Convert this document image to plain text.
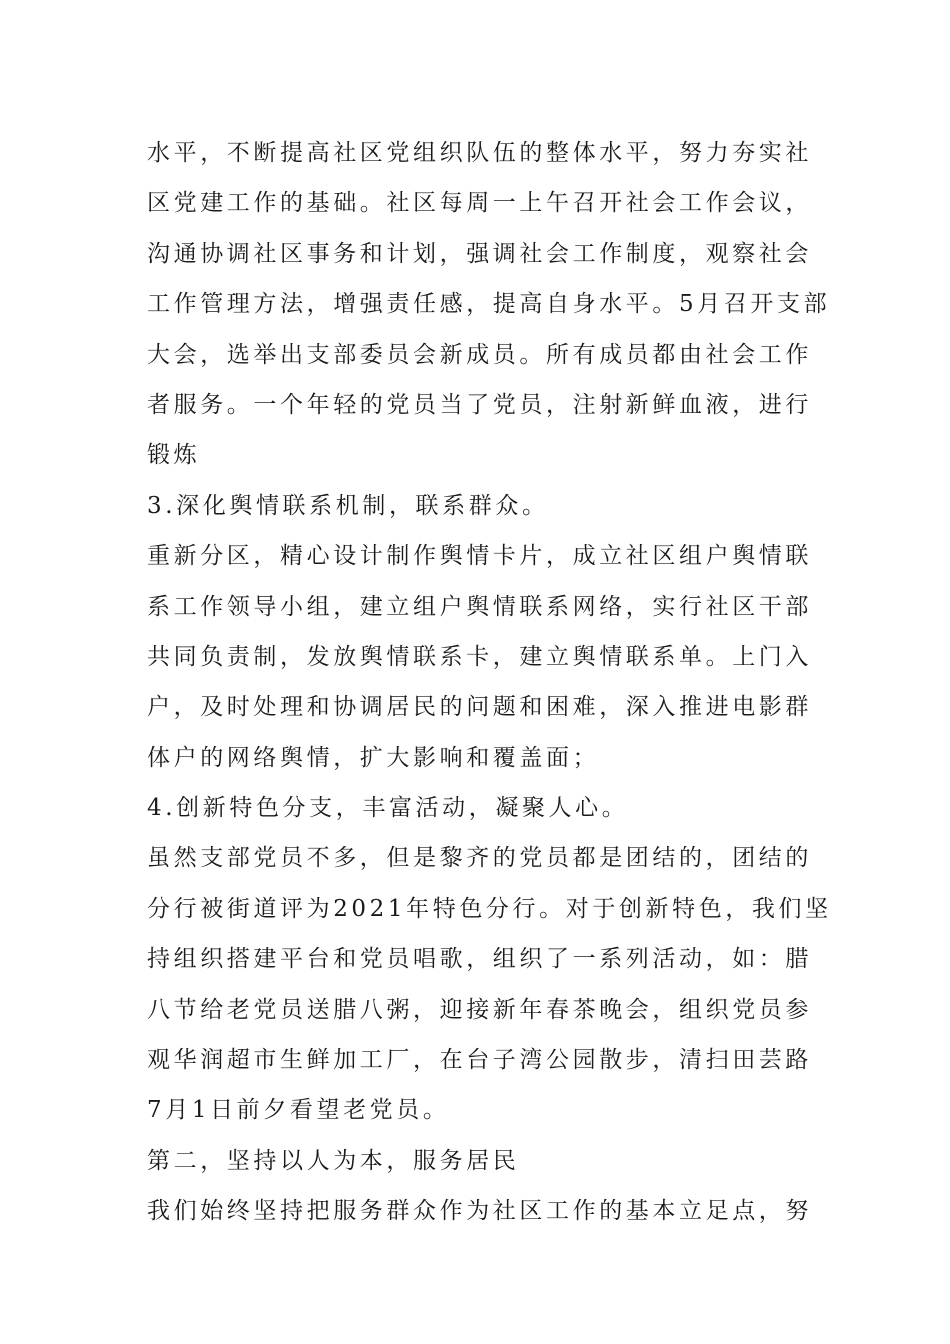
水平，不断提高社区党组织队伍的整体水平，努力夯实社
区党建工作的基础。社区每周一上午召开社会工作会议，
沟通协调社区事务和计划，强调社会工作制度，观察社会
工作管理方法，增强责任感，提高自身水平。5月召开支部
大会，选举出支部委员会新成员。所有成员都由社会工作
者服务。一个年轻的党员当了党员，注射新鲜血液，进行
锻炼
3.深化舆情联系机制，联系群众。
重新分区，精心设计制作舆情卡片，成立社区组户舆情联
系工作领导小组，建立组户舆情联系网络，实行社区干部
共同负责制，发放舆情联系卡，建立舆情联系单。上门入
户，及时处理和协调居民的问题和困难，深入推进电影群
体户的网络舆情，扩大影响和覆盖面；
4.创新特色分支，丰富活动，凝聚人心。
虽然支部党员不多，但是黎齐的党员都是团结的，团结的
分行被街道评为2021年特色分行。对于创新特色，我们坚
持组织搭建平台和党员唱歌，组织了一系列活动，如：腊
八节给老党员送腊八粥，迎接新年春茶晚会，组织党员参
观华润超市生鲜加工厂，在台子湾公园散步，清扫田芸路
7月1日前夕看望老党员。
第二，坚持以人为本，服务居民
我们始终坚持把服务群众作为社区工作的基本立足点，努
